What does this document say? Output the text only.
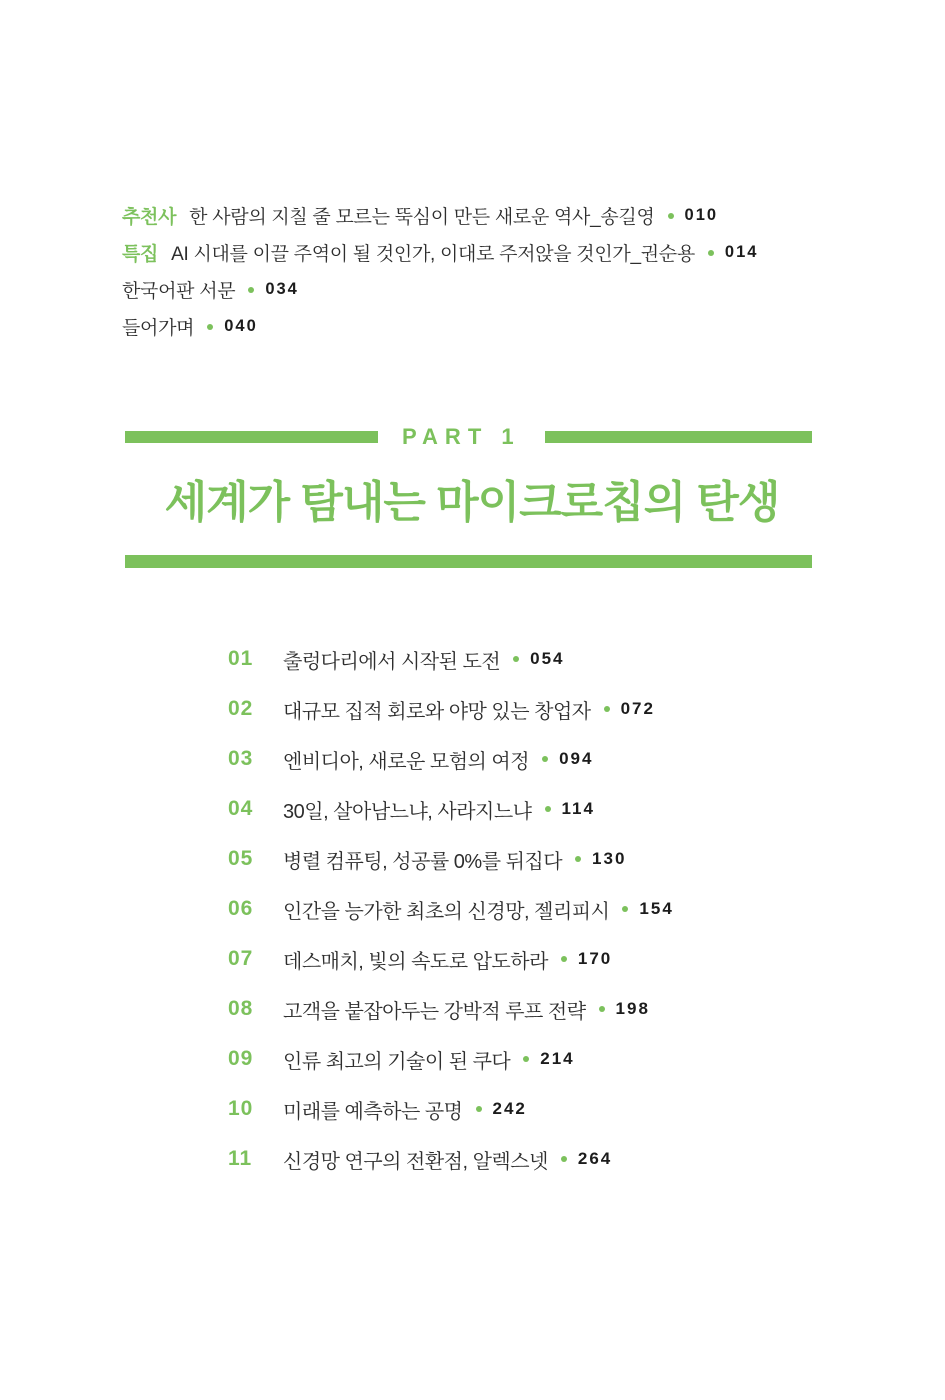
추천사 한 사람의 지칠 줄 모르는 뚝심이 만든 새로운 역사_송길영 010
특집 AI 시대를 이끌 주역이 될 것인가, 이대로 주저앉을 것인가_권순용 014
한국어판 서문 034
들어가며 040
PART 1
세계가 탐내는 마이크로칩의 탄생
01	출렁다리에서 시작된 도전 054
02	대규모 집적 회로와 야망 있는 창업자 072
03	엔비디아, 새로운 모험의 여정 094
04	30일, 살아남느냐, 사라지느냐 114
05	병렬 컴퓨팅, 성공률 0%를 뒤집다 130
06	인간을 능가한 최초의 신경망, 젤리피시 154
07	데스매치, 빛의 속도로 압도하라 170
08	고객을 붙잡아두는 강박적 루프 전략 198
09	인류 최고의 기술이 된 쿠다 214
10	미래를 예측하는 공명 242
11	신경망 연구의 전환점, 알렉스넷 264
